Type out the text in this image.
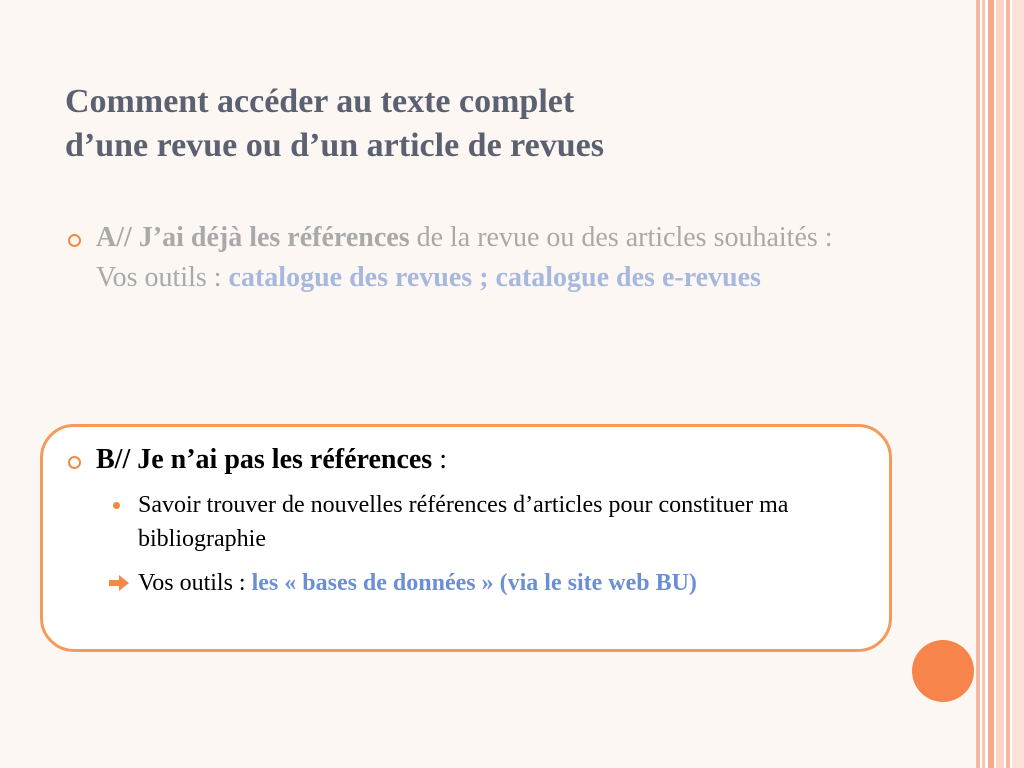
Comment accéder au texte complet
d’une revue ou d’un article de revues
A// J’ai déjà les références de la revue ou des articles souhaités :
Vos outils : catalogue des revues ; catalogue des e-revues
B// Je n’ai pas les références :
Savoir trouver de nouvelles références d’articles pour constituer ma bibliographie
Vos outils : les « bases de données » (via le site web BU)
